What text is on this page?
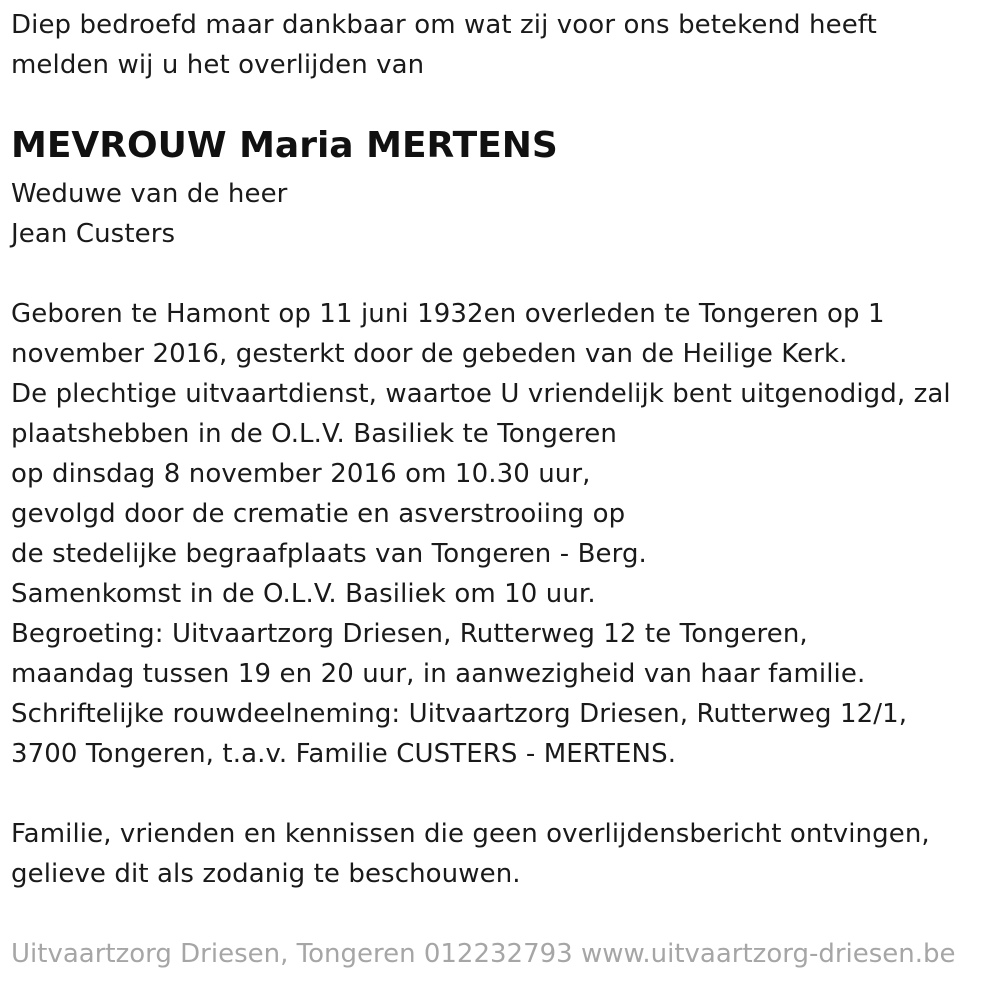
Diep bedroefd maar dankbaar om wat zij voor ons betekend heeft
melden wij u het overlijden van
MEVROUW Maria MERTENS
Weduwe van de heer
Jean Custers
Geboren te Hamont op 11 juni 1932en overleden te Tongeren op 1
november 2016, gesterkt door de gebeden van de Heilige Kerk.
De plechtige uitvaartdienst, waartoe U vriendelijk bent uitgenodigd, zal
plaatshebben in de O.L.V. Basiliek te Tongeren
op dinsdag 8 november 2016 om 10.30 uur,
gevolgd door de crematie en asverstrooiing op
de stedelijke begraafplaats van Tongeren - Berg.
Samenkomst in de O.L.V. Basiliek om 10 uur.
Begroeting: Uitvaartzorg Driesen, Rutterweg 12 te Tongeren,
maandag tussen 19 en 20 uur, in aanwezigheid van haar familie.
Schriftelijke rouwdeelneming: Uitvaartzorg Driesen, Rutterweg 12/1,
3700 Tongeren, t.a.v. Familie CUSTERS - MERTENS.
Familie, vrienden en kennissen die geen overlijdensbericht ontvingen,
gelieve dit als zodanig te beschouwen.
Uitvaartzorg Driesen, Tongeren 012232793 www.uitvaartzorg-driesen.be
